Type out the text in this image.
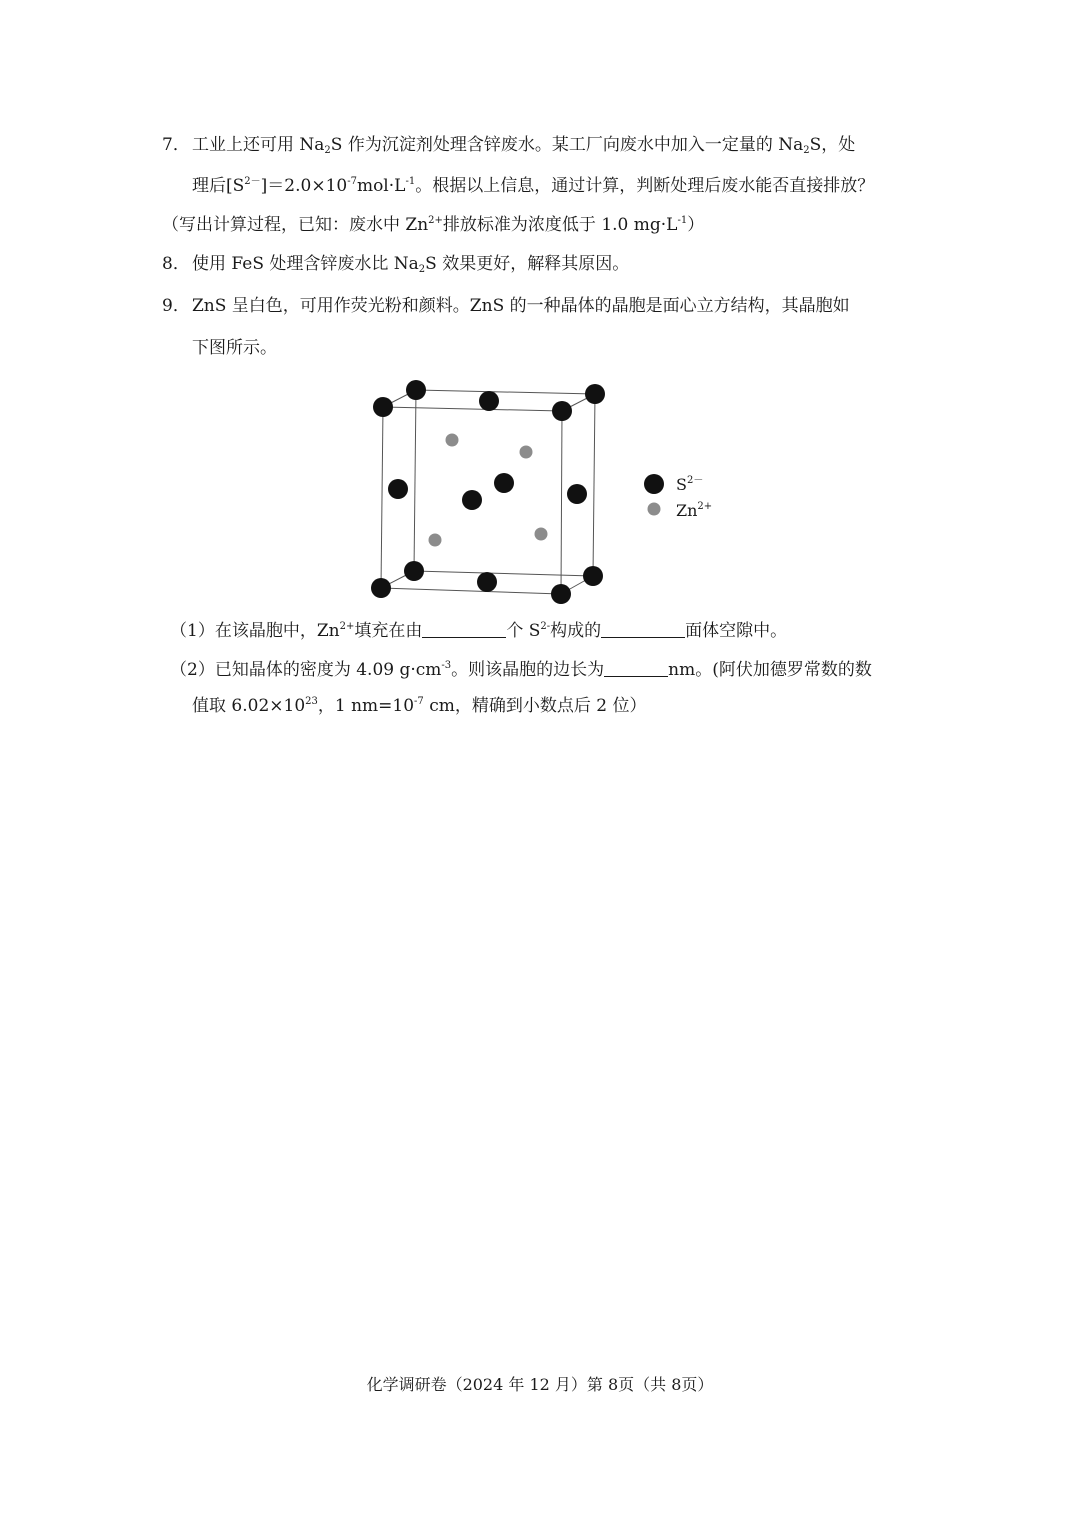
7． 工业上还可用 $Na_2S$ 作为沉淀剂处理含锌废水。某工厂向废水中加入一定量的 $Na_2S$，处
理后$[S^{2-}]=2.0\times 10^{-7}mol\cdot L^{-1}$。根据以上信息，通过计算，判断处理后废水能否直接排放？
（写出计算过程，已知：废水中 $Zn^{2+}$排放标准为浓度低于 1.0 $mg\cdot L^{-1}$）
8． 使用 FeS 处理含锌废水比 $Na_2S$ 效果更好，解释其原因。
9． ZnS 呈白色，可用作荧光粉和颜料。ZnS 的一种晶体的晶胞是面心立方结构，其晶胞如
下图所示。
$S^{2-}$
$Zn^{2+}$
（1）在该晶胞中，$Zn^{2+}$填充在由	个 $S^{2-}$构成的	面体空隙中。
（2）已知晶体的密度为 4.09 $g\cdot cm^{-3}$。则该晶胞的边长为	nm。(阿伏加德罗常数的数
值取 $6.02\times 10^{23}$，1 $nm=10^{-7}$ cm，精确到小数点后 2 位）
化学调研卷（2024 年 12 月）第 8页（共 8页）
